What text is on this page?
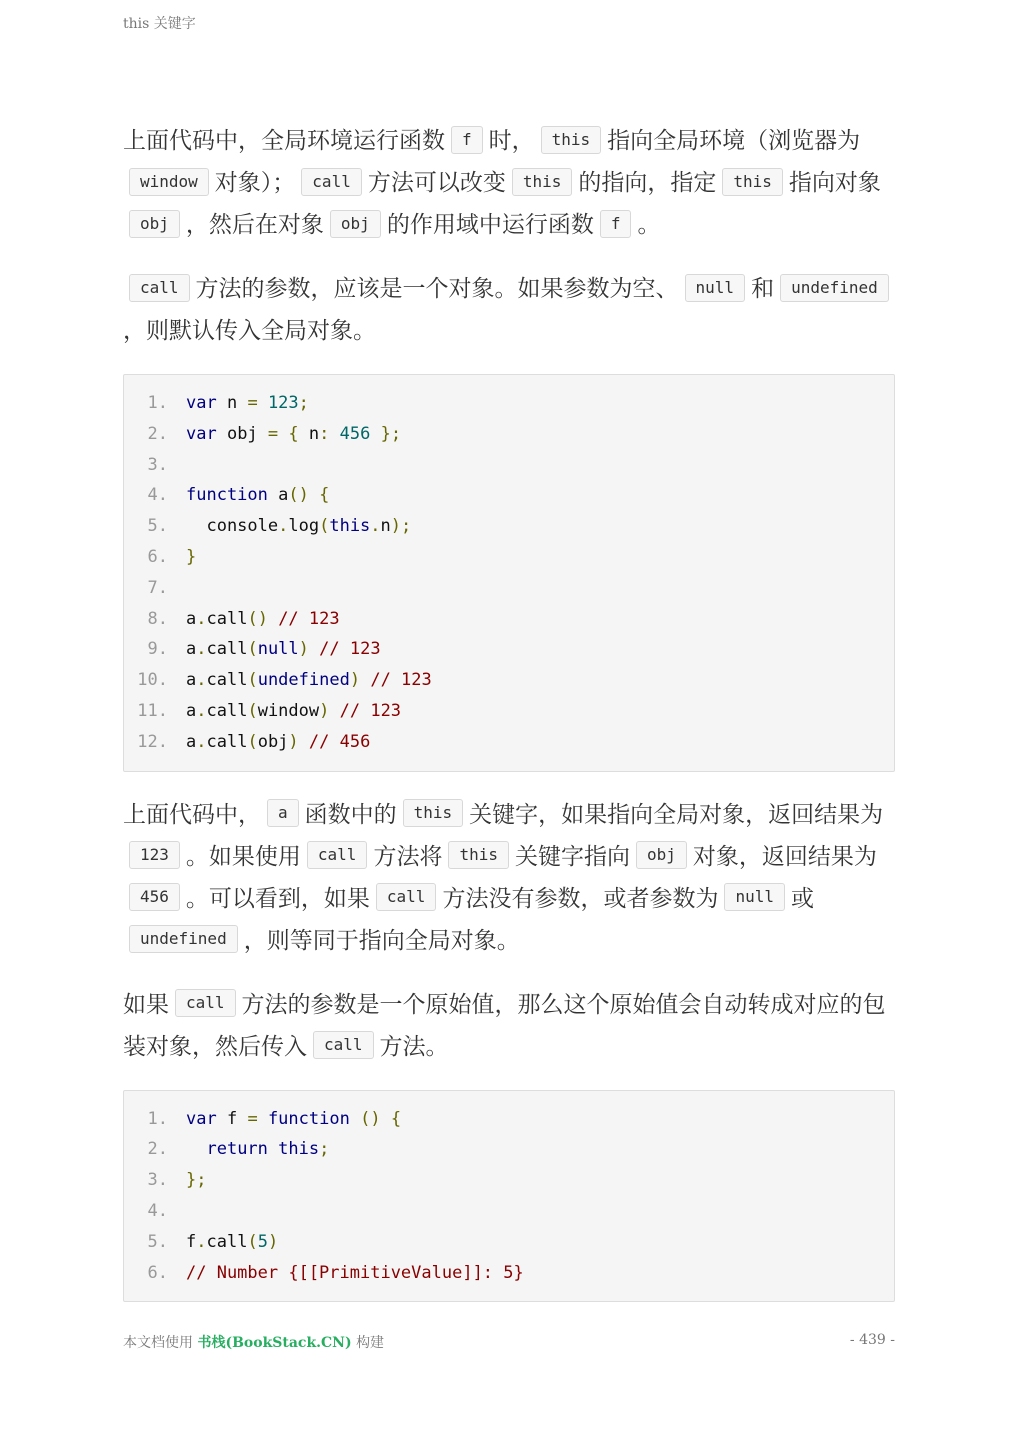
this 关键字

上面代码中，全局环境运行函数 f 时， this 指向全局环境（浏览器为window 对象）； call 方法可以改变 this 的指向，指定 this 指向对象obj ，然后在对象 obj 的作用域中运行函数 f 。

call 方法的参数，应该是一个对象。如果参数为空、 null 和 undefined，则默认传入全局对象。

1.	var n = 123;
2.	var obj = { n: 456 };
3.

4.	function a() {
5.	console.log(this.n);
6.	}
7.

8.	a.call() // 123
9.	a.call(null) // 123
10.	a.call(undefined) // 123
11.	a.call(window) // 123
12.	a.call(obj) // 456

上面代码中， a 函数中的 this 关键字，如果指向全局对象，返回结果为123 。如果使用 call 方法将 this 关键字指向 obj 对象，返回结果为456 。可以看到，如果 call 方法没有参数，或者参数为 null 或undefined ，则等同于指向全局对象。

如果 call 方法的参数是一个原始值，那么这个原始值会自动转成对应的包装对象，然后传入 call 方法。

1.	var f = function () {
2.	return this;
3.	};
4.

5.	f.call(5)
6.	// Number {[[PrimitiveValue]]: 5}
本文档使用 书栈(BookStack.CN) 构建	- 439 -
